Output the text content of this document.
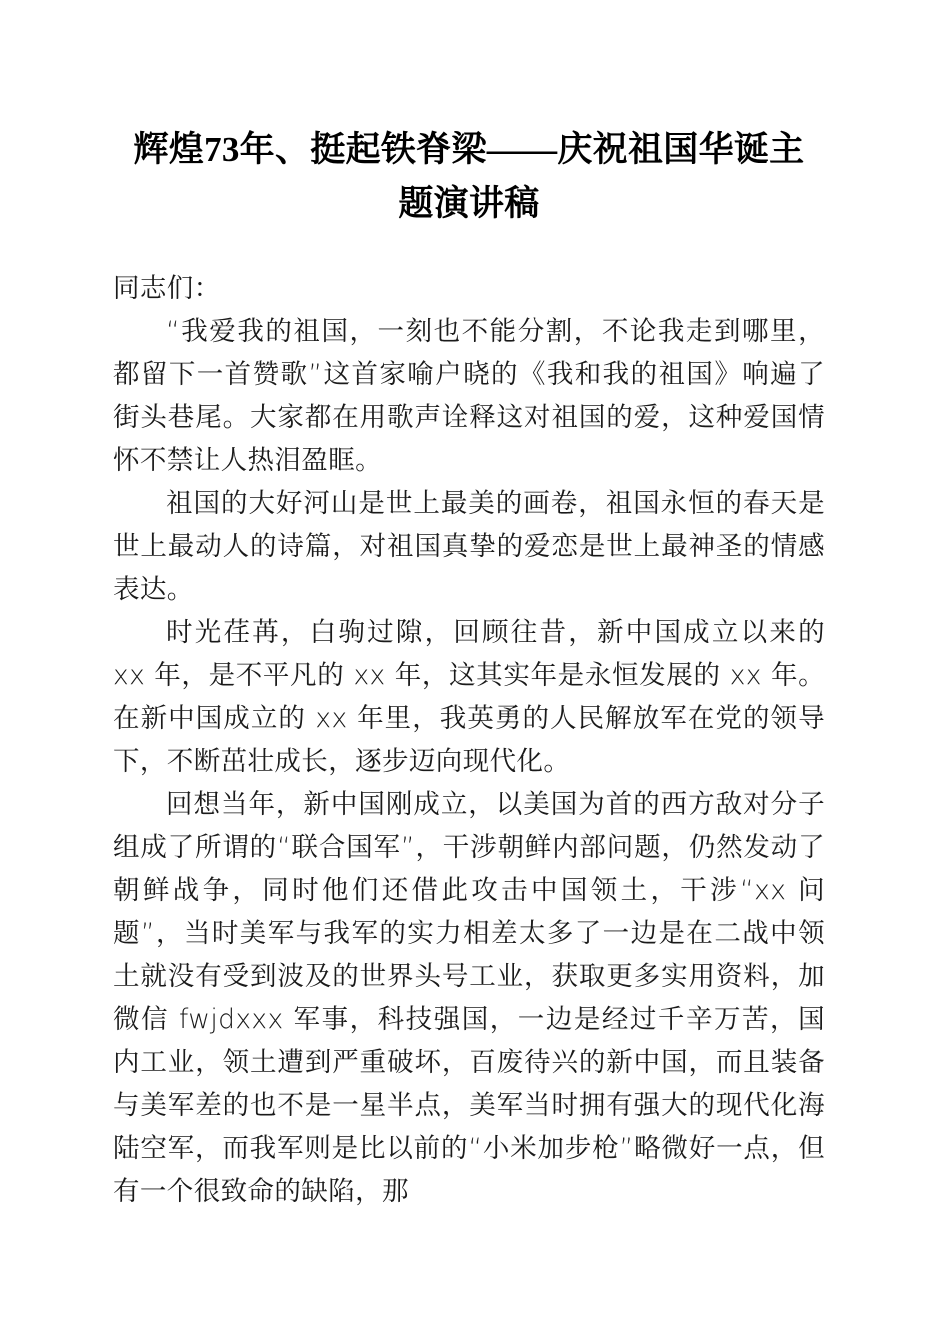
辉煌73年、挺起铁脊梁——庆祝祖国华诞主 题演讲稿

同志们：

“我爱我的祖国，一刻也不能分割，不论我走到哪里，都留下一首赞歌”这首家喻户晓的《我和我的祖国》响遍了街头巷尾。大家都在用歌声诠释这对祖国的爱，这种爱国情怀不禁让人热泪盈眶。

祖国的大好河山是世上最美的画卷，祖国永恒的春天是世上最动人的诗篇，对祖国真挚的爱恋是世上最神圣的情感表达。

时光荏苒，白驹过隙，回顾往昔，新中国成立以来的 xx 年，是不平凡的 xx 年，这其实年是永恒发展的 xx 年。在新中国成立的 xx 年里，我英勇的人民解放军在党的领导下，不断茁壮成长，逐步迈向现代化。

回想当年，新中国刚成立，以美国为首的西方敌对分子组成了所谓的“联合国军”，干涉朝鲜内部问题，仍然发动了朝鲜战争，同时他们还借此攻击中国领土，干涉“xx 问题”，当时美军与我军的实力相差太多了一边是在二战中领土就没有受到波及的世界头号工业，获取更多实用资料，加微信 fwjdxxx 军事，科技强国，一边是经过千辛万苦，国内工业，领土遭到严重破坏，百废待兴的新中国，而且装备与美军差的也不是一星半点，美军当时拥有强大的现代化海陆空军，而我军则是比以前的“小米加步枪”略微好一点，但有一个很致命的缺陷，那
